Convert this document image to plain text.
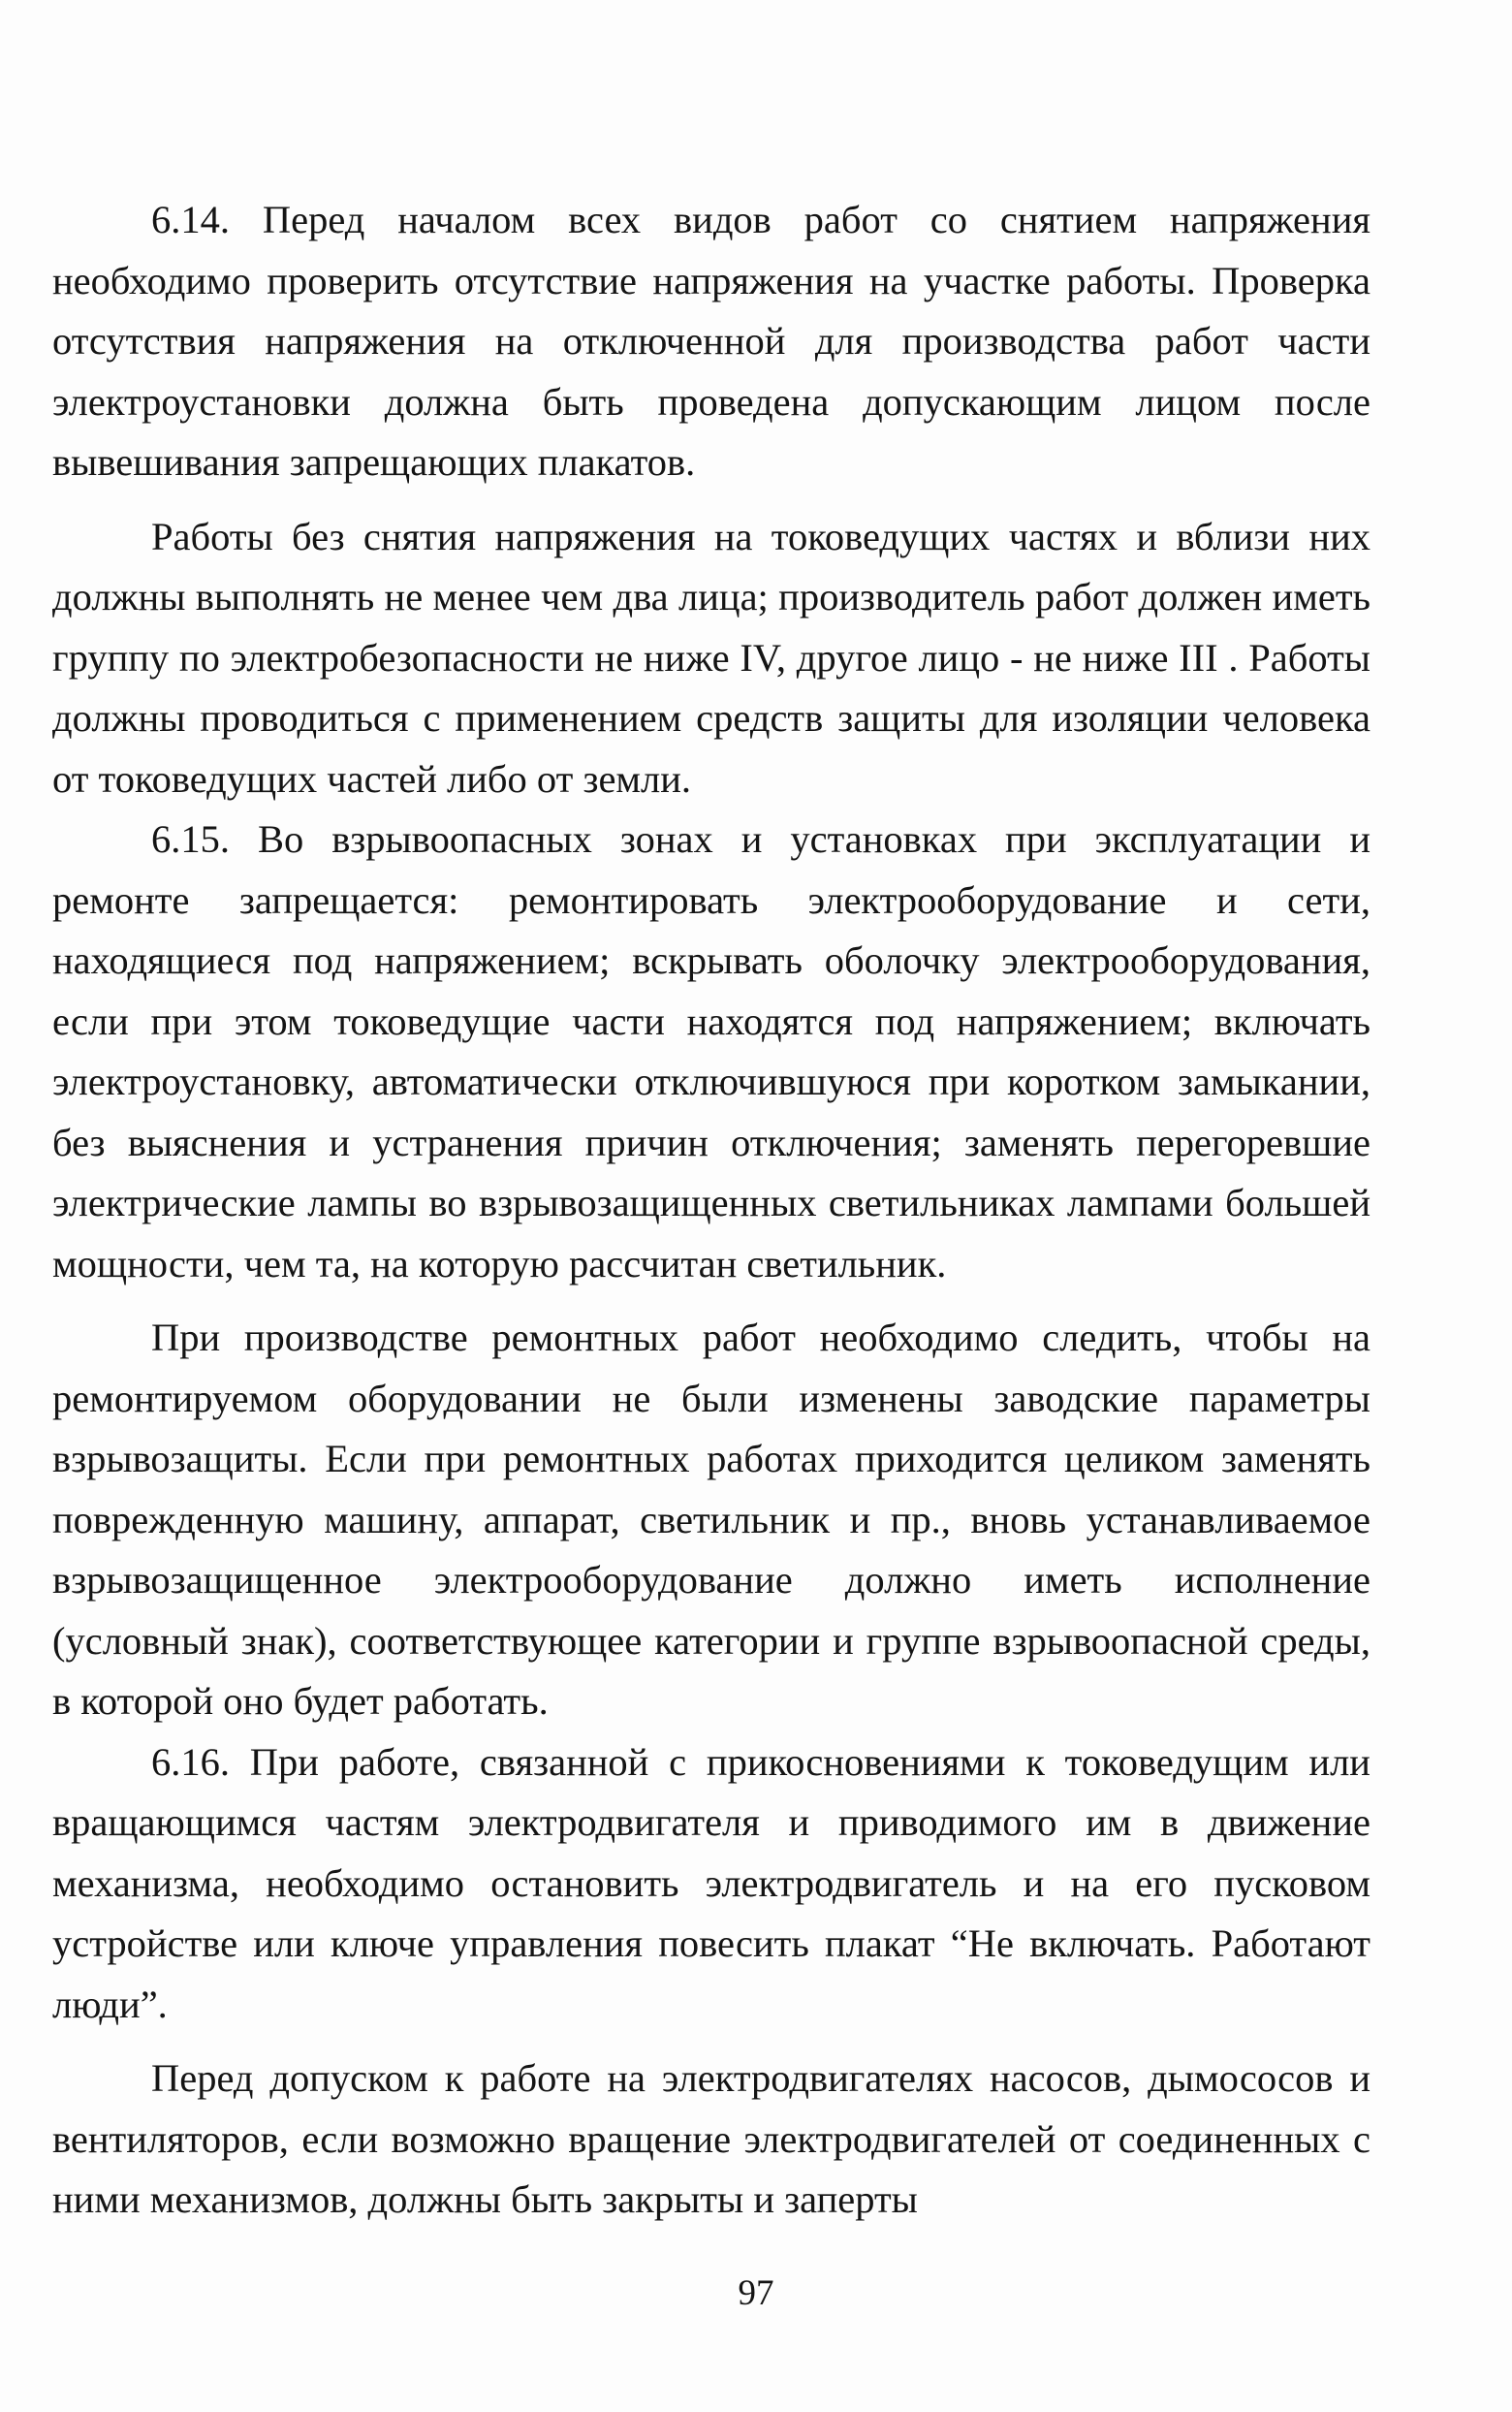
6.14. Перед началом всех видов работ со снятием напряжения необходимо проверить отсутствие напряжения на участке работы. Проверка отсутствия напряжения на отключенной для производства работ части электроустановки должна быть проведена допускающим лицом после вывешивания запрещающих плакатов.

Работы без снятия напряжения на токоведущих частях и вблизи них должны выполнять не менее чем два лица; производитель работ должен иметь группу по электробезопасности не ниже IV, другое лицо - не ниже III . Работы должны проводиться с применением средств защиты для изоляции человека от токоведущих частей либо от земли.

6.15. Во взрывоопасных зонах и установках при эксплуатации и ремонте запрещается: ремонтировать электрооборудование и сети, находящиеся под напряжением; вскрывать оболочку электрооборудования, если при этом токоведущие части находятся под напряжением; включать электроустановку, автоматически отключившуюся при коротком замыкании, без выяснения и устранения причин отключения; заменять перегоревшие электрические лампы во взрывозащищенных светильниках лампами большей мощности, чем та, на которую рассчитан светильник.

При производстве ремонтных работ необходимо следить, чтобы на ремонтируемом оборудовании не были изменены заводские параметры взрывозащиты. Если при ремонтных работах приходится целиком заменять поврежденную машину, аппарат, светильник и пр., вновь устанавливаемое взрывозащищенное электрооборудование должно иметь исполнение (условный знак), соответствующее категории и группе взрывоопасной среды, в которой оно будет работать.

6.16. При работе, связанной с прикосновениями к токоведущим или вращающимся частям электродвигателя и приводимого им в движение механизма, необходимо остановить электродвигатель и на его пусковом устройстве или ключе управления повесить плакат “Не включать. Работают люди”.

Перед допуском к работе на электродвигателях насосов, дымососов и вентиляторов, если возможно вращение электродвигателей от соединенных с ними механизмов, должны быть закрыты и заперты

97
